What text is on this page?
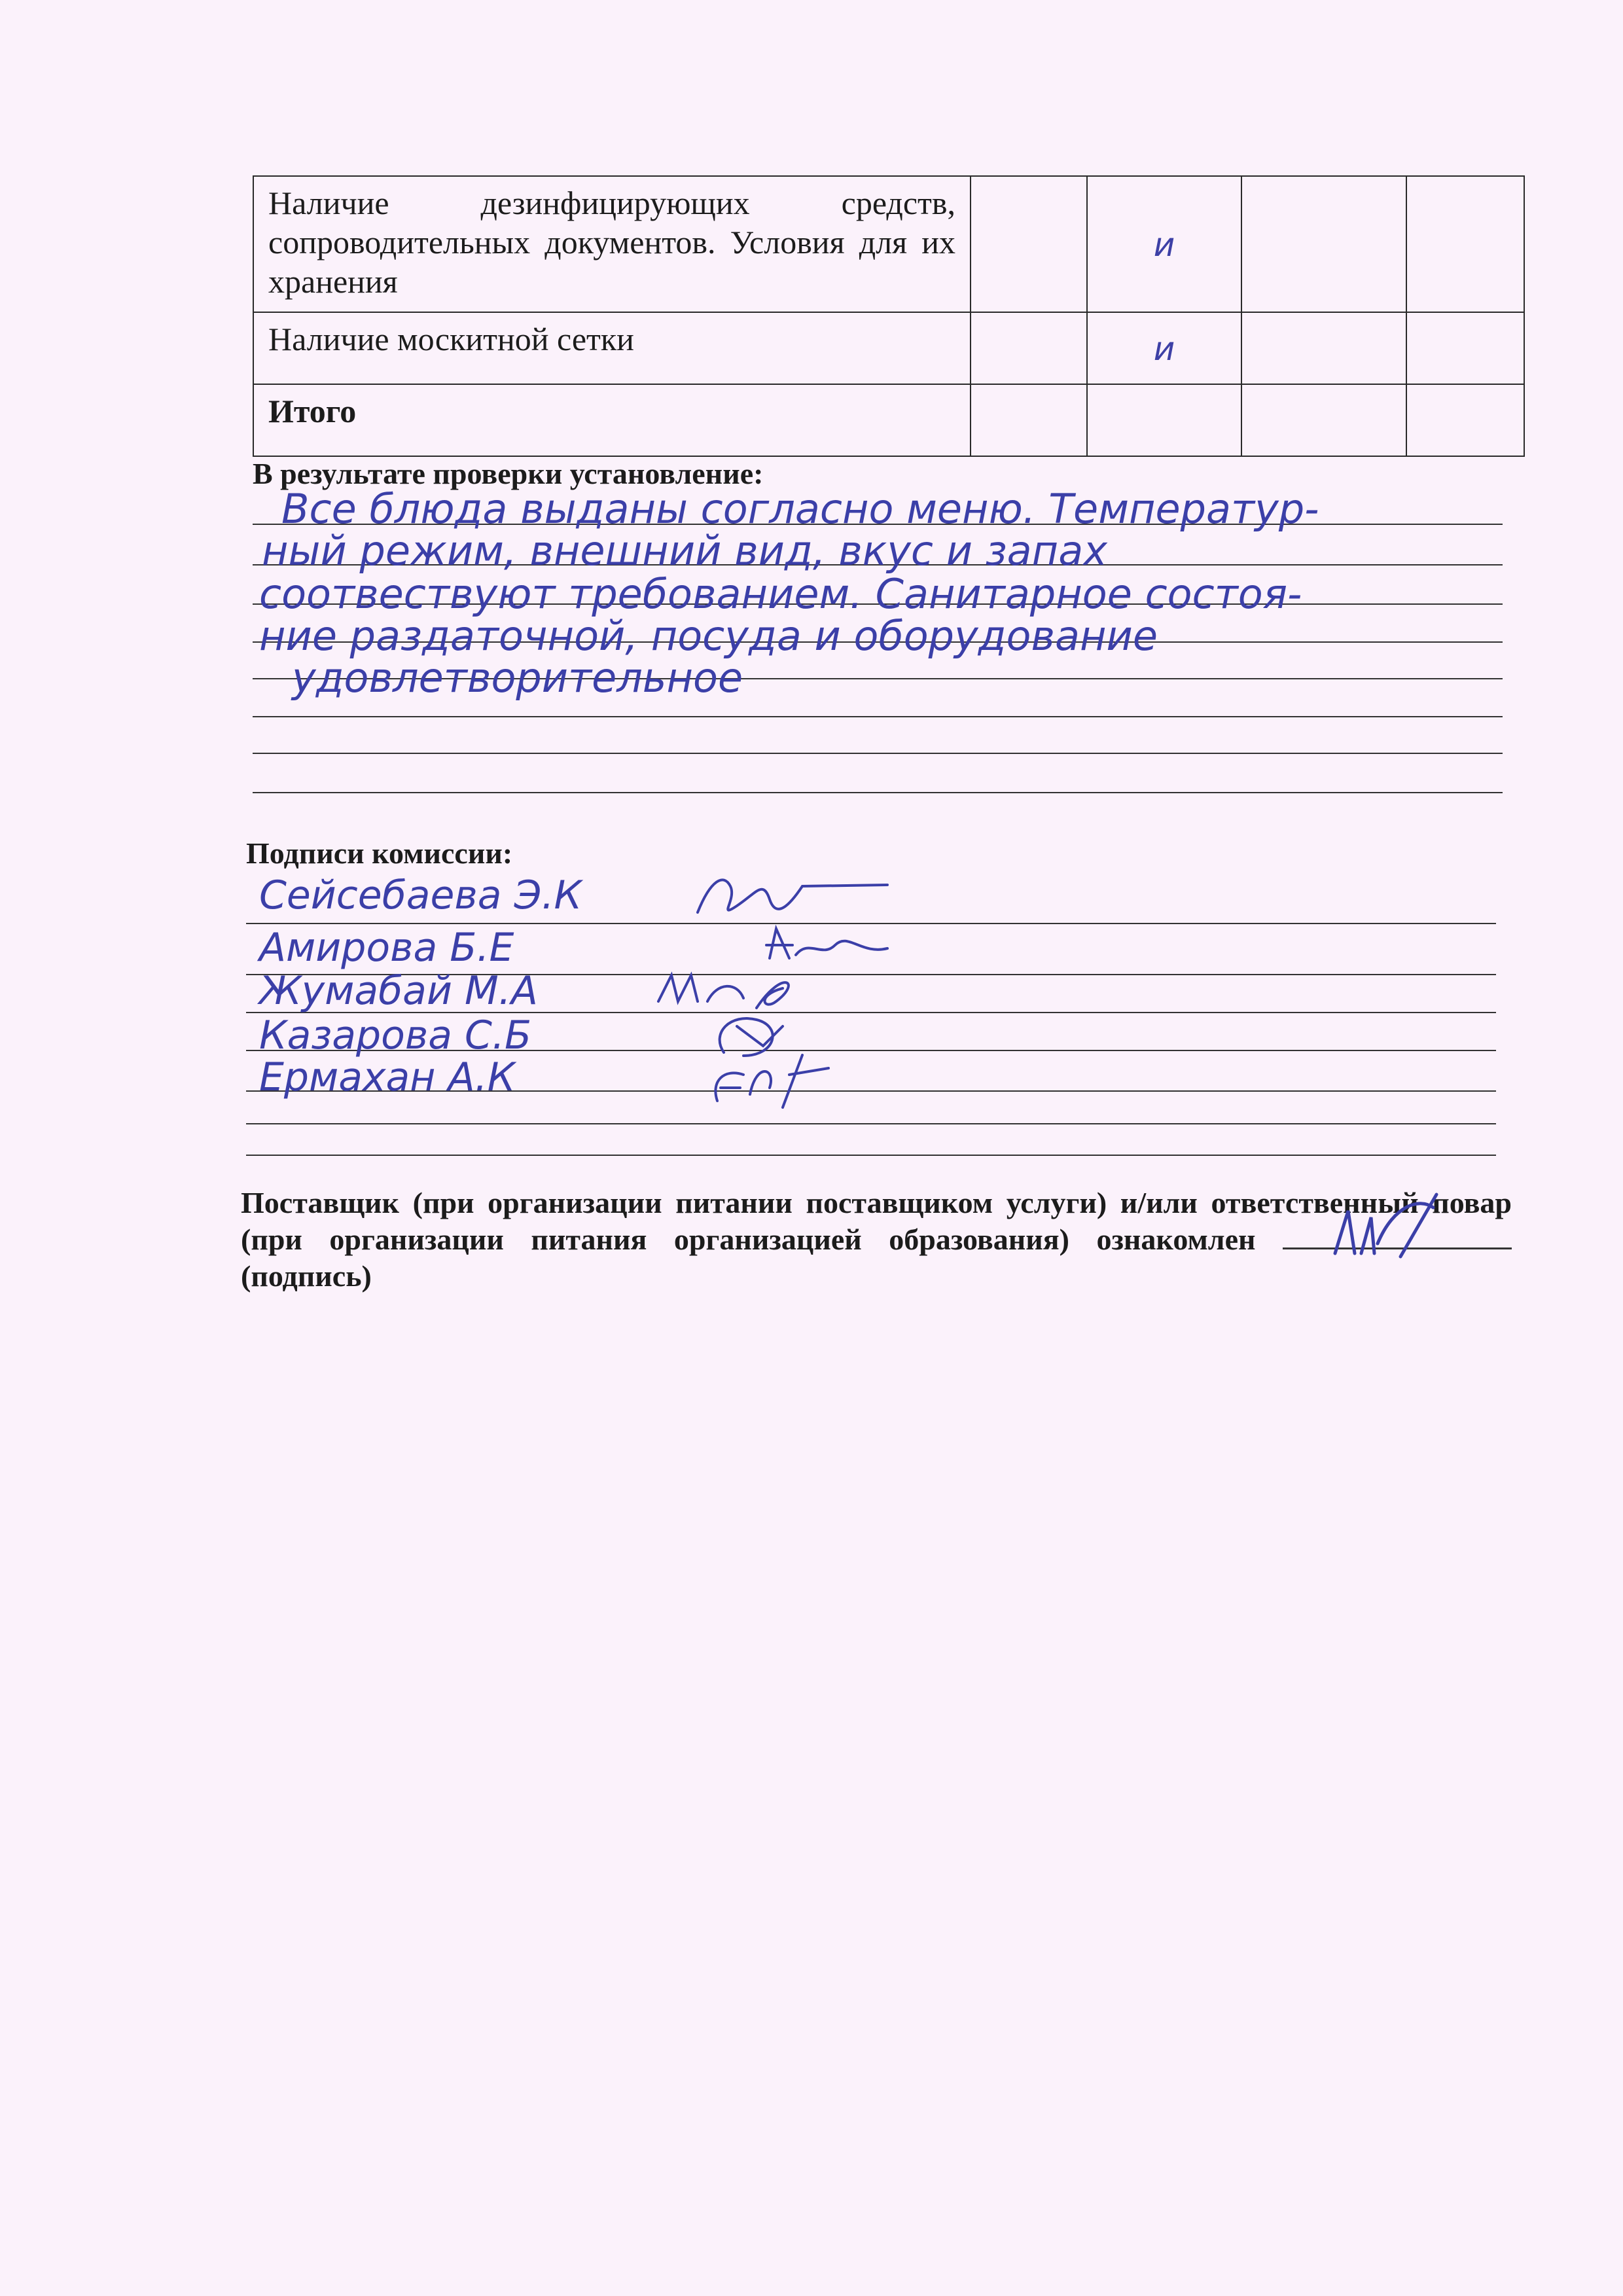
Наличие дезинфицирующих средств, сопроводительных документов. Условия для их хранения		и		
Наличие москитной сетки		и		
Итого				
В результате проверки установление:
Все блюда выданы согласно меню. Температур-
ный режим, внешний вид, вкус и запах
соотвествуют требованием. Санитарное состоя-
ние раздаточной, посуда и оборудование
удовлетворительное
Подписи комиссии:
Сейсебаева Э.К
Амирова Б.Е
Жумабай М.А
Казарова С.Б
Ермахан А.К
Поставщик (при организации питании поставщиком услуги) и/или ответственный повар (при организации питания организацией образования) ознакомлен
(подпись)
